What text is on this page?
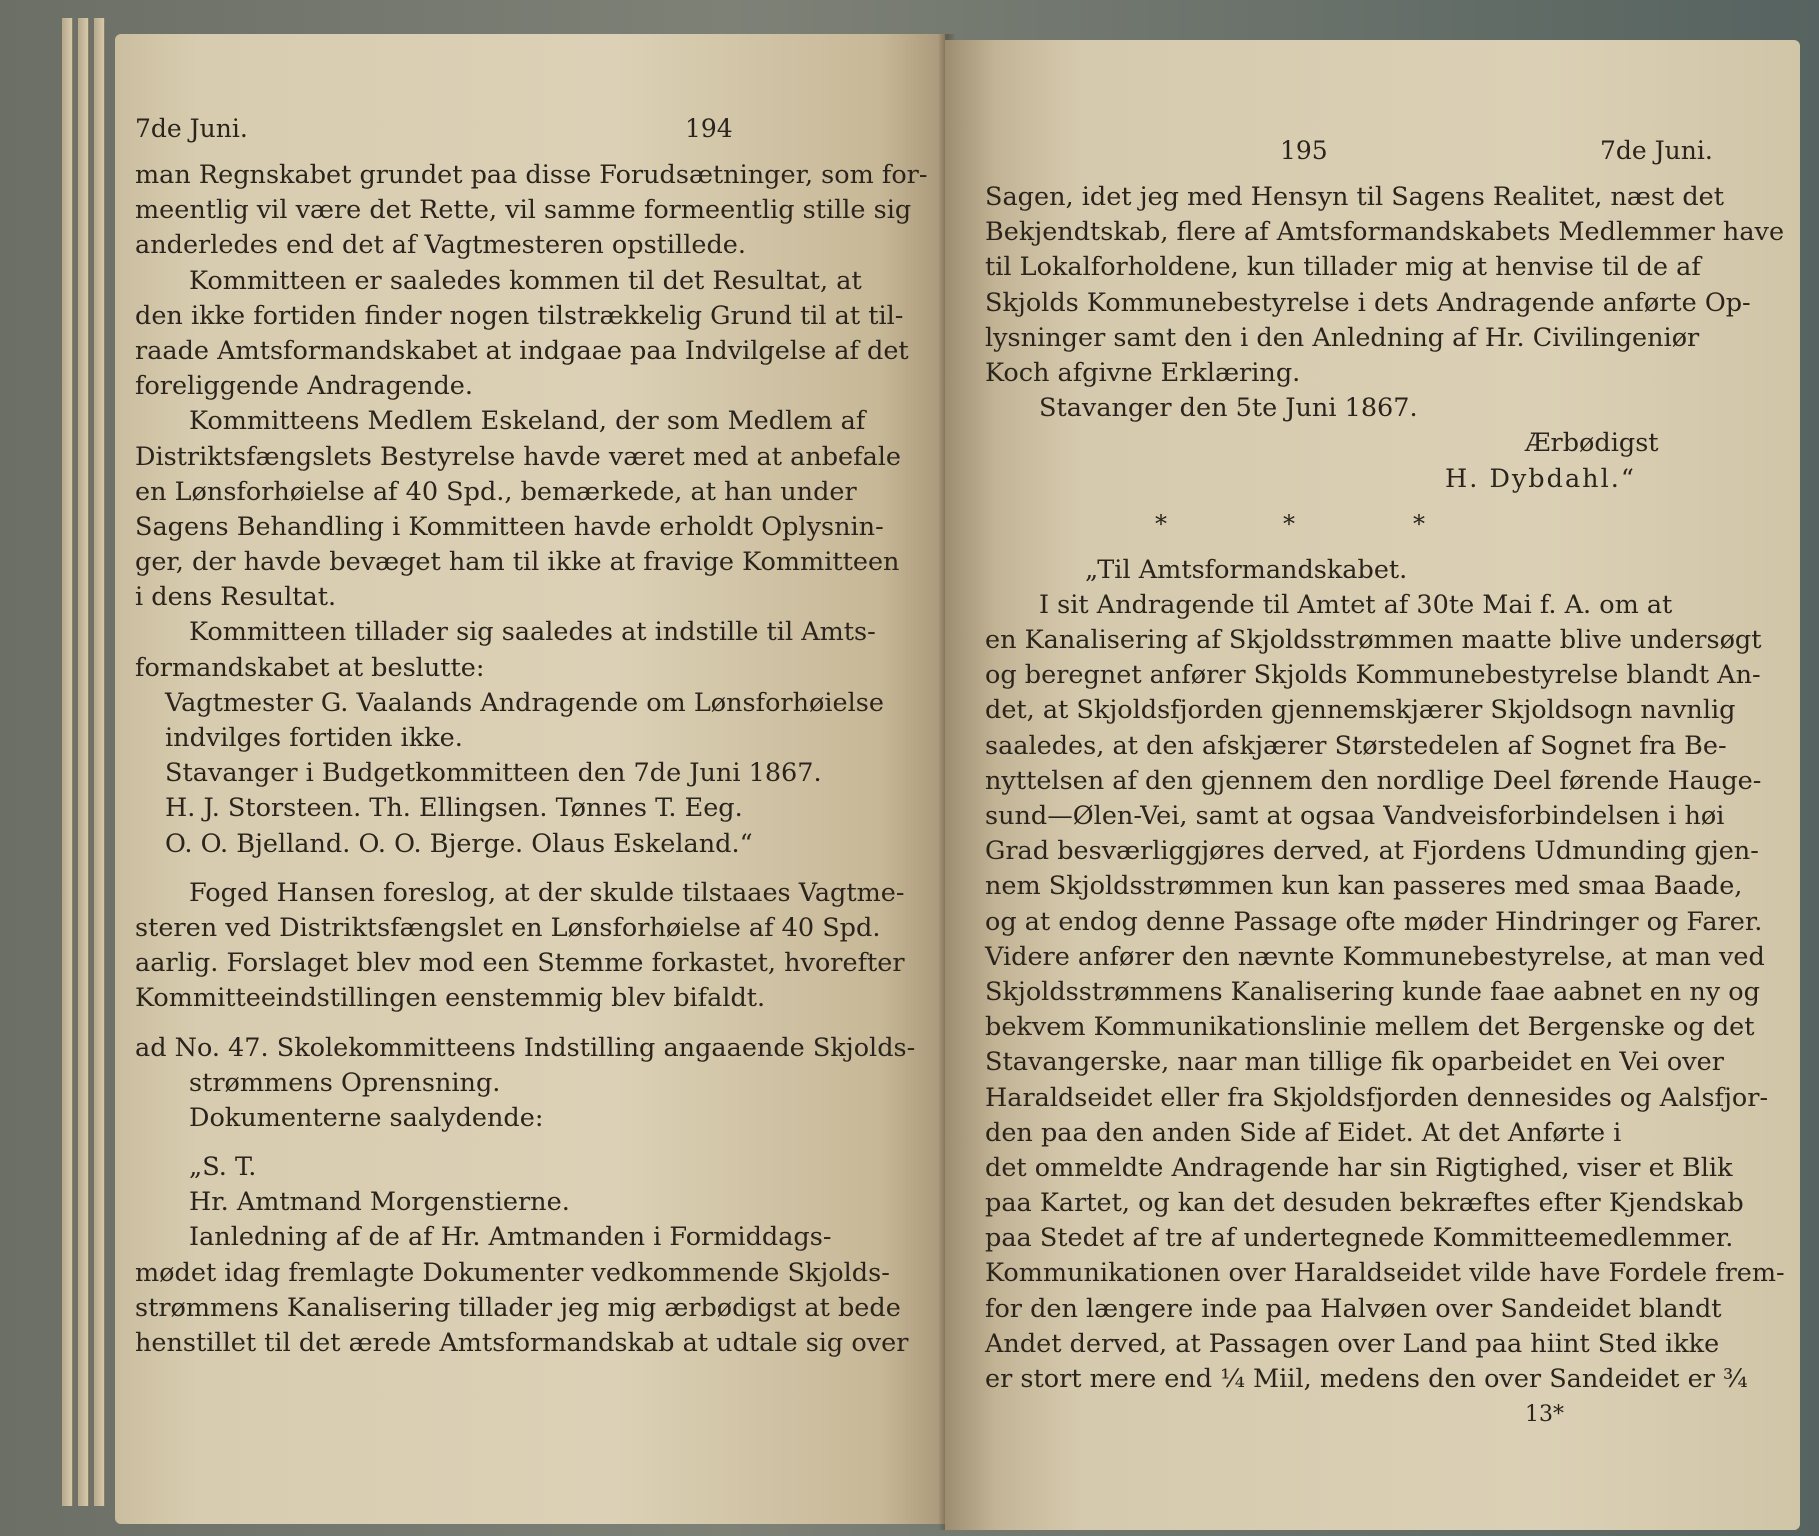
7de Juni.	194
man Regnskabet grundet paa disse Forudsætninger, som for-
meentlig vil være det Rette, vil samme formeentlig stille sig
anderledes end det af Vagtmesteren opstillede.
Kommitteen er saaledes kommen til det Resultat, at
den ikke fortiden finder nogen tilstrækkelig Grund til at til-
raade Amtsformandskabet at indgaae paa Indvilgelse af det
foreliggende Andragende.
Kommitteens Medlem Eskeland, der som Medlem af
Distriktsfængslets Bestyrelse havde været med at anbefale
en Lønsforhøielse af 40 Spd., bemærkede, at han under
Sagens Behandling i Kommitteen havde erholdt Oplysnin-
ger, der havde bevæget ham til ikke at fravige Kommitteen
i dens Resultat.
Kommitteen tillader sig saaledes at indstille til Amts-
formandskabet at beslutte:
Vagtmester G. Vaalands Andragende om Lønsforhøielse
indvilges fortiden ikke.
Stavanger i Budgetkommitteen den 7de Juni 1867.
H. J. Storsteen. Th. Ellingsen. Tønnes T. Eeg.
O. O. Bjelland. O. O. Bjerge. Olaus Eskeland.“
Foged Hansen foreslog, at der skulde tilstaaes Vagtme-
steren ved Distriktsfængslet en Lønsforhøielse af 40 Spd.
aarlig. Forslaget blev mod een Stemme forkastet, hvorefter
Kommitteeindstillingen eenstemmig blev bifaldt.
ad No. 47. Skolekommitteens Indstilling angaaende Skjolds-
strømmens Oprensning.
Dokumenterne saalydende:
„S. T.
Hr. Amtmand Morgenstierne.
Ianledning af de af Hr. Amtmanden i Formiddags-
mødet idag fremlagte Dokumenter vedkommende Skjolds-
strømmens Kanalisering tillader jeg mig ærbødigst at bede
henstillet til det ærede Amtsformandskab at udtale sig over
195	7de Juni.
Sagen, idet jeg med Hensyn til Sagens Realitet, næst det
Bekjendtskab, flere af Amtsformandskabets Medlemmer have
til Lokalforholdene, kun tillader mig at henvise til de af
Skjolds Kommunebestyrelse i dets Andragende anførte Op-
lysninger samt den i den Anledning af Hr. Civilingeniør
Koch afgivne Erklæring.
Stavanger den 5te Juni 1867.
Ærbødigst
H. Dybdahl.“
*	*	*
„Til Amtsformandskabet.
I sit Andragende til Amtet af 30te Mai f. A. om at
en Kanalisering af Skjoldsstrømmen maatte blive undersøgt
og beregnet anfører Skjolds Kommunebestyrelse blandt An-
det, at Skjoldsfjorden gjennemskjærer Skjoldsogn navnlig
saaledes, at den afskjærer Størstedelen af Sognet fra Be-
nyttelsen af den gjennem den nordlige Deel førende Hauge-
sund—Ølen-Vei, samt at ogsaa Vandveisforbindelsen i høi
Grad besværliggjøres derved, at Fjordens Udmunding gjen-
nem Skjoldsstrømmen kun kan passeres med smaa Baade,
og at endog denne Passage ofte møder Hindringer og Farer.
Videre anfører den nævnte Kommunebestyrelse, at man ved
Skjoldsstrømmens Kanalisering kunde faae aabnet en ny og
bekvem Kommunikationslinie mellem det Bergenske og det
Stavangerske, naar man tillige fik oparbeidet en Vei over
Haraldseidet eller fra Skjoldsfjorden dennesides og Aalsfjor-
den paa den anden Side af Eidet. At det Anførte i
det ommeldte Andragende har sin Rigtighed, viser et Blik
paa Kartet, og kan det desuden bekræftes efter Kjendskab
paa Stedet af tre af undertegnede Kommitteemedlemmer.
Kommunikationen over Haraldseidet vilde have Fordele frem-
for den længere inde paa Halvøen over Sandeidet blandt
Andet derved, at Passagen over Land paa hiint Sted ikke
er stort mere end ¼ Miil, medens den over Sandeidet er ¾
13*
